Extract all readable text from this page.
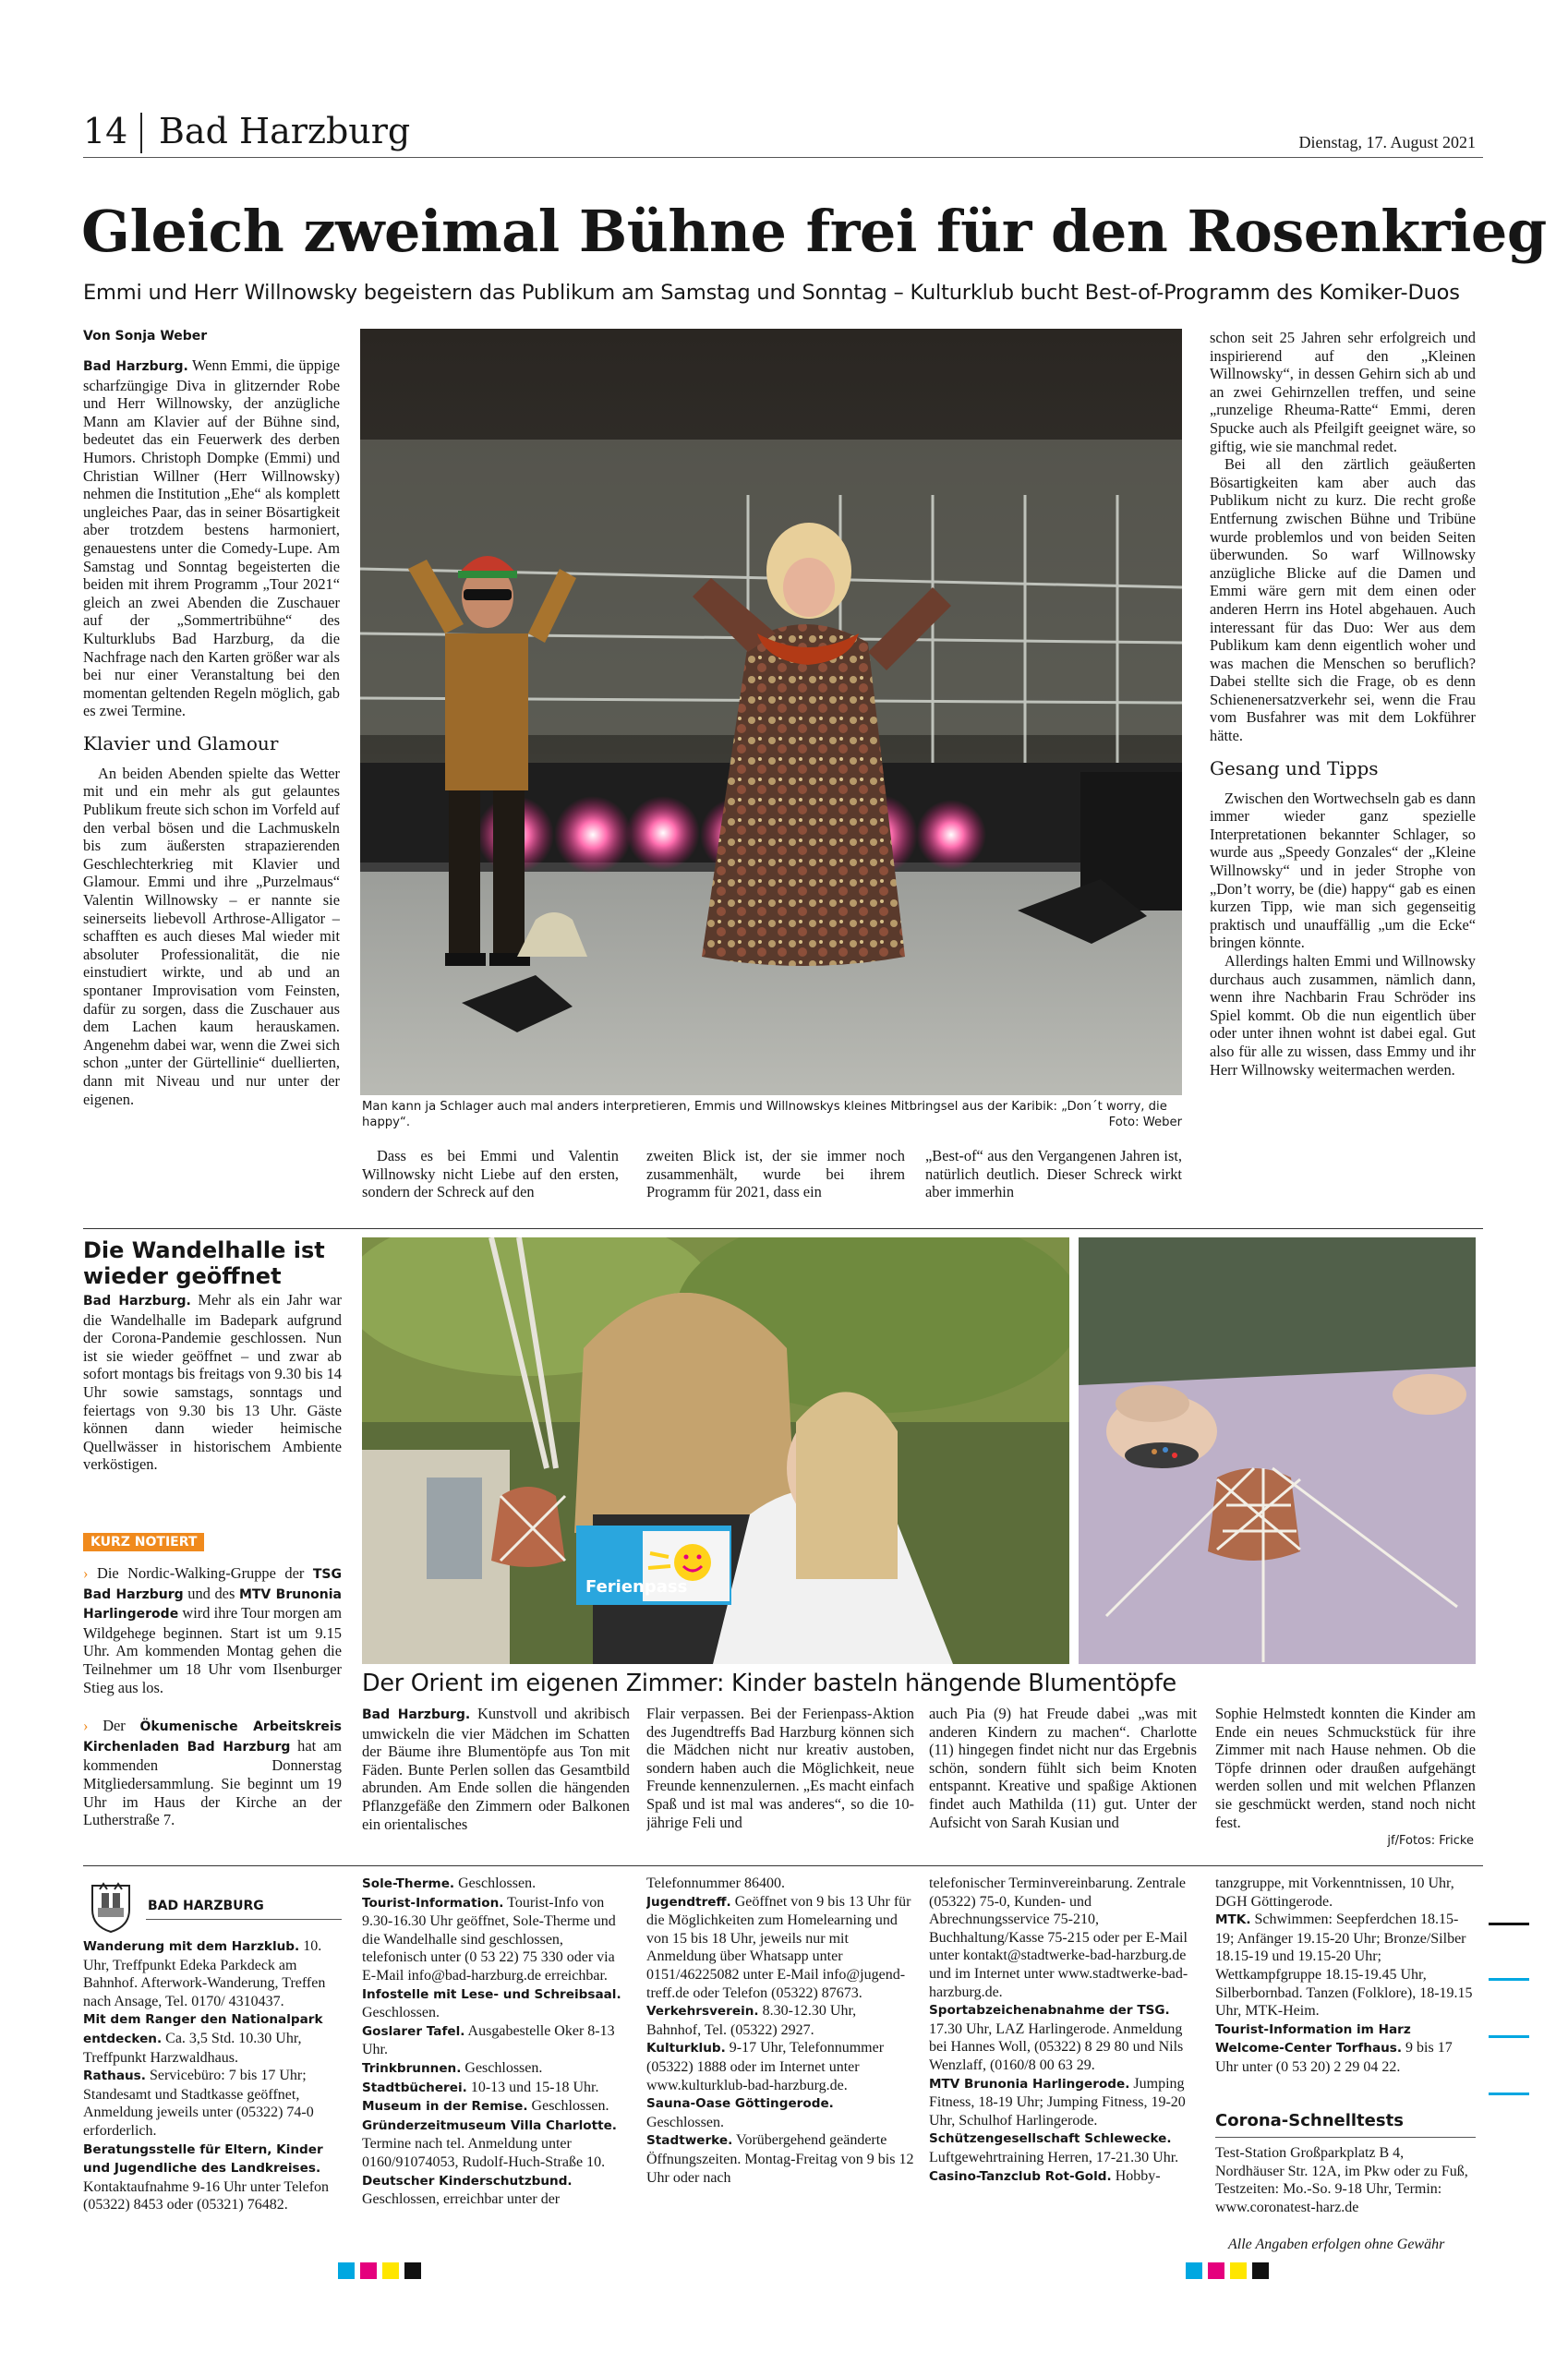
14 Bad Harzburg	Dienstag, 17. August 2021
Gleich zweimal Bühne frei für den Rosenkrieg
Emmi und Herr Willnowsky begeistern das Publikum am Samstag und Sonntag – Kulturklub bucht Best-of-Programm des Komiker-Duos
Von Sonja Weber

Bad Harzburg. Wenn Emmi, die üppige scharfzüngige Diva in glitzernder Robe und Herr Willnowsky, der anzügliche Mann am Klavier auf der Bühne sind, bedeutet das ein Feuerwerk des derben Humors. Christoph Dompke (Emmi) und Christian Willner (Herr Willnowsky) nehmen die Institution „Ehe“ als komplett ungleiches Paar, das in seiner Bösartigkeit aber trotzdem bestens harmoniert, genauestens unter die Comedy-Lupe. Am Samstag und Sonntag begeisterten die beiden mit ihrem Programm „Tour 2021“ gleich an zwei Abenden die Zuschauer auf der „Sommertribühne“ des Kulturklubs Bad Harzburg, da die Nachfrage nach den Karten größer war als bei nur einer Veranstaltung bei den momentan geltenden Regeln möglich, gab es zwei Termine.

Klavier und Glamour

An beiden Abenden spielte das Wetter mit und ein mehr als gut gelauntes Publikum freute sich schon im Vorfeld auf den verbal bösen und die Lachmuskeln bis zum äußersten strapazierenden Geschlechterkrieg mit Klavier und Glamour. Emmi und ihre „Purzelmaus“ Valentin Willnowsky – er nannte sie seinerseits liebevoll Arthrose-Alligator – schafften es auch dieses Mal wieder mit absoluter Professionalität, die nie einstudiert wirkte, und ab und an spontaner Improvisation vom Feinsten, dafür zu sorgen, dass die Zuschauer aus dem Lachen kaum herauskamen. Angenehm dabei war, wenn die Zwei sich schon „unter der Gürtellinie“ duellierten, dann mit Niveau und nur unter der eigenen.	Man kann ja Schlager auch mal anders interpretieren, Emmis und Willnowskys kleines Mitbringsel aus der Karibik: „Don´t worry, die happy“.	Foto: Weber

Dass es bei Emmi und Valentin Willnowsky nicht Liebe auf den ersten, sondern der Schreck auf den

zweiten Blick ist, der sie immer noch zusammenhält, wurde bei ihrem Programm für 2021, dass ein

„Best-of“ aus den Vergangenen Jahren ist, natürlich deutlich. Dieser Schreck wirkt aber immerhin

schon seit 25 Jahren sehr erfolgreich und inspirierend auf den „Kleinen Willnowsky“, in dessen Gehirn sich ab und an zwei Gehirnzellen treffen, und seine „runzelige Rheuma-Ratte“ Emmi, deren Spucke auch als Pfeilgift geeignet wäre, so giftig, wie sie manchmal redet.

Bei all den zärtlich geäußerten Bösartigkeiten kam aber auch das Publikum nicht zu kurz. Die recht große Entfernung zwischen Bühne und Tribüne wurde problemlos und von beiden Seiten überwunden. So warf Willnowsky anzügliche Blicke auf die Damen und Emmi wäre gern mit dem einen oder anderen Herrn ins Hotel abgehauen. Auch interessant für das Duo: Wer aus dem Publikum kam denn eigentlich woher und was machen die Menschen so beruflich? Dabei stellte sich die Frage, ob es denn Schienenersatzverkehr sei, wenn die Frau vom Busfahrer was mit dem Lokführer hätte.

Gesang und Tipps

Zwischen den Wortwechseln gab es dann immer wieder ganz spezielle Interpretationen bekannter Schlager, so wurde aus „Speedy Gonzales“ der „Kleine Willnowsky“ und in jeder Strophe von „Don’t worry, be (die) happy“ gab es einen kurzen Tipp, wie man sich gegenseitig praktisch und unauffällig „um die Ecke“ bringen könnte.

Allerdings halten Emmi und Willnowsky durchaus auch zusammen, nämlich dann, wenn ihre Nachbarin Frau Schröder ins Spiel kommt. Ob die nun eigentlich über oder unter ihnen wohnt ist dabei egal. Gut also für alle zu wissen, dass Emmy und ihr Herr Willnowsky weitermachen werden.

Die Wandelhalle ist wieder geöffnet

Bad Harzburg. Mehr als ein Jahr war die Wandelhalle im Badepark aufgrund der Corona-Pandemie geschlossen. Nun ist sie wieder geöffnet – und zwar ab sofort montags bis freitags von 9.30 bis 14 Uhr sowie samstags, sonntags und feiertags von 9.30 bis 13 Uhr. Gäste können dann wieder heimische Quellwässer in historischem Ambiente verköstigen.

KURZ NOTIERT

› Die Nordic-Walking-Gruppe der TSG Bad Harzburg und des MTV Brunonia Harlingerode wird ihre Tour morgen am Wildgehege beginnen. Start ist um 9.15 Uhr. Am kommenden Montag gehen die Teilnehmer um 18 Uhr vom Ilsenburger Stieg aus los.

› Der Ökumenische Arbeitskreis Kirchenladen Bad Harzburg hat am kommenden Donnerstag Mitgliedersammlung. Sie beginnt um 19 Uhr im Haus der Kirche an der Lutherstraße 7.

Ferienpass
Der Orient im eigenen Zimmer: Kinder basteln hängende Blumentöpfe

Bad Harzburg. Kunstvoll und akribisch umwickeln die vier Mädchen im Schatten der Bäume ihre Blumentöpfe aus Ton mit Fäden. Bunte Perlen sollen das Gesamtbild abrunden. Am Ende sollen die hängenden Pflanzgefäße den Zimmern oder Balkonen ein orientalisches

Flair verpassen. Bei der Ferienpass-Aktion des Jugendtreffs Bad Harzburg können sich die Mädchen nicht nur kreativ austoben, sondern haben auch die Möglichkeit, neue Freunde kennenzulernen. „Es macht einfach Spaß und ist mal was anderes“, so die 10-jährige Feli und

auch Pia (9) hat Freude dabei „was mit anderen Kindern zu machen“. Charlotte (11) hingegen findet nicht nur das Ergebnis schön, sondern fühlt sich beim Knoten entspannt. Kreative und spaßige Aktionen findet auch Mathilda (11) gut. Unter der Aufsicht von Sarah Kusian und

Sophie Helmstedt konnten die Kinder am Ende ein neues Schmuckstück für ihre Zimmer mit nach Hause nehmen. Ob die Töpfe drinnen oder draußen aufgehängt werden sollen und mit welchen Pflanzen sie geschmückt werden, stand noch nicht fest.

jf/Fotos: Fricke
BAD HARZBURG

Wanderung mit dem Harzklub. 10. Uhr, Treffpunkt Edeka Parkdeck am Bahnhof. Afterwork-Wanderung, Treffen nach Ansage, Tel. 0170/ 4310437.

Mit dem Ranger den Nationalpark entdecken. Ca. 3,5 Std. 10.30 Uhr, Treffpunkt Harzwaldhaus.

Rathaus. Servicebüro: 7 bis 17 Uhr; Standesamt und Stadtkasse geöffnet, Anmeldung jeweils unter (05322) 74-0 erforderlich.

Beratungsstelle für Eltern, Kinder und Jugendliche des Landkreises. Kontaktaufnahme 9-16 Uhr unter Telefon (05322) 8453 oder (05321) 76482.

Sole-Therme. Geschlossen.

Tourist-Information. Tourist-Info von 9.30-16.30 Uhr geöffnet, Sole-Therme und die Wandelhalle sind geschlossen, telefonisch unter (0 53 22) 75 330 oder via E-Mail info@bad-harzburg.de erreichbar.

Infostelle mit Lese- und Schreibsaal. Geschlossen.

Goslarer Tafel. Ausgabestelle Oker 8-13 Uhr.

Trinkbrunnen. Geschlossen.

Stadtbücherei. 10-13 und 15-18 Uhr.

Museum in der Remise. Geschlossen.

Gründerzeitmuseum Villa Charlotte. Termine nach tel. Anmeldung unter 0160/91074053, Rudolf-Huch-Straße 10.

Deutscher Kinderschutzbund. Geschlossen, erreichbar unter der

Telefonnummer 86400.

Jugendtreff. Geöffnet von 9 bis 13 Uhr für die Möglichkeiten zum Homelearning und von 15 bis 18 Uhr, jeweils nur mit Anmeldung über Whatsapp unter 0151/46225082 unter E-Mail info@jugend-treff.de oder Telefon (05322) 87673.

Verkehrsverein. 8.30-12.30 Uhr, Bahnhof, Tel. (05322) 2927.

Kulturklub. 9-17 Uhr, Telefonnummer (05322) 1888 oder im Internet unter www.kulturklub-bad-harzburg.de.

Sauna-Oase Göttingerode. Geschlossen.

Stadtwerke. Vorübergehend geänderte Öffnungszeiten. Montag-Freitag von 9 bis 12 Uhr oder nach

telefonischer Terminvereinbarung. Zentrale (05322) 75-0, Kunden- und Abrechnungsservice 75-210, Buchhaltung/Kasse 75-215 oder per E-Mail unter kontakt@stadtwerke-bad-harzburg.de und im Internet unter www.stadtwerke-bad-harzburg.de.

Sportabzeichenabnahme der TSG. 17.30 Uhr, LAZ Harlingerode. Anmeldung bei Hannes Woll, (05322) 8 29 80 und Nils Wenzlaff, (0160/8 00 63 29.

MTV Brunonia Harlingerode. Jumping Fitness, 18-19 Uhr; Jumping Fitness, 19-20 Uhr, Schulhof Harlingerode.

Schützengesellschaft Schlewecke. Luftgewehrtraining Herren, 17-21.30 Uhr.

Casino-Tanzclub Rot-Gold. Hobby-

tanzgruppe, mit Vorkenntnissen, 10 Uhr, DGH Göttingerode.

MTK. Schwimmen: Seepferdchen 18.15-19; Anfänger 19.15-20 Uhr; Bronze/Silber 18.15-19 und 19.15-20 Uhr; Wettkampfgruppe 18.15-19.45 Uhr, Silberbornbad. Tanzen (Folklore), 18-19.15 Uhr, MTK-Heim.

Tourist-Information im Harz Welcome-Center Torfhaus. 9 bis 17 Uhr unter (0 53 20) 2 29 04 22.

Corona-Schnelltests

Test-Station Großparkplatz B 4, Nordhäuser Str. 12A, im Pkw oder zu Fuß, Testzeiten: Mo.-So. 9-18 Uhr, Termin: www.coronatest-harz.de

Alle Angaben erfolgen ohne Gewähr
